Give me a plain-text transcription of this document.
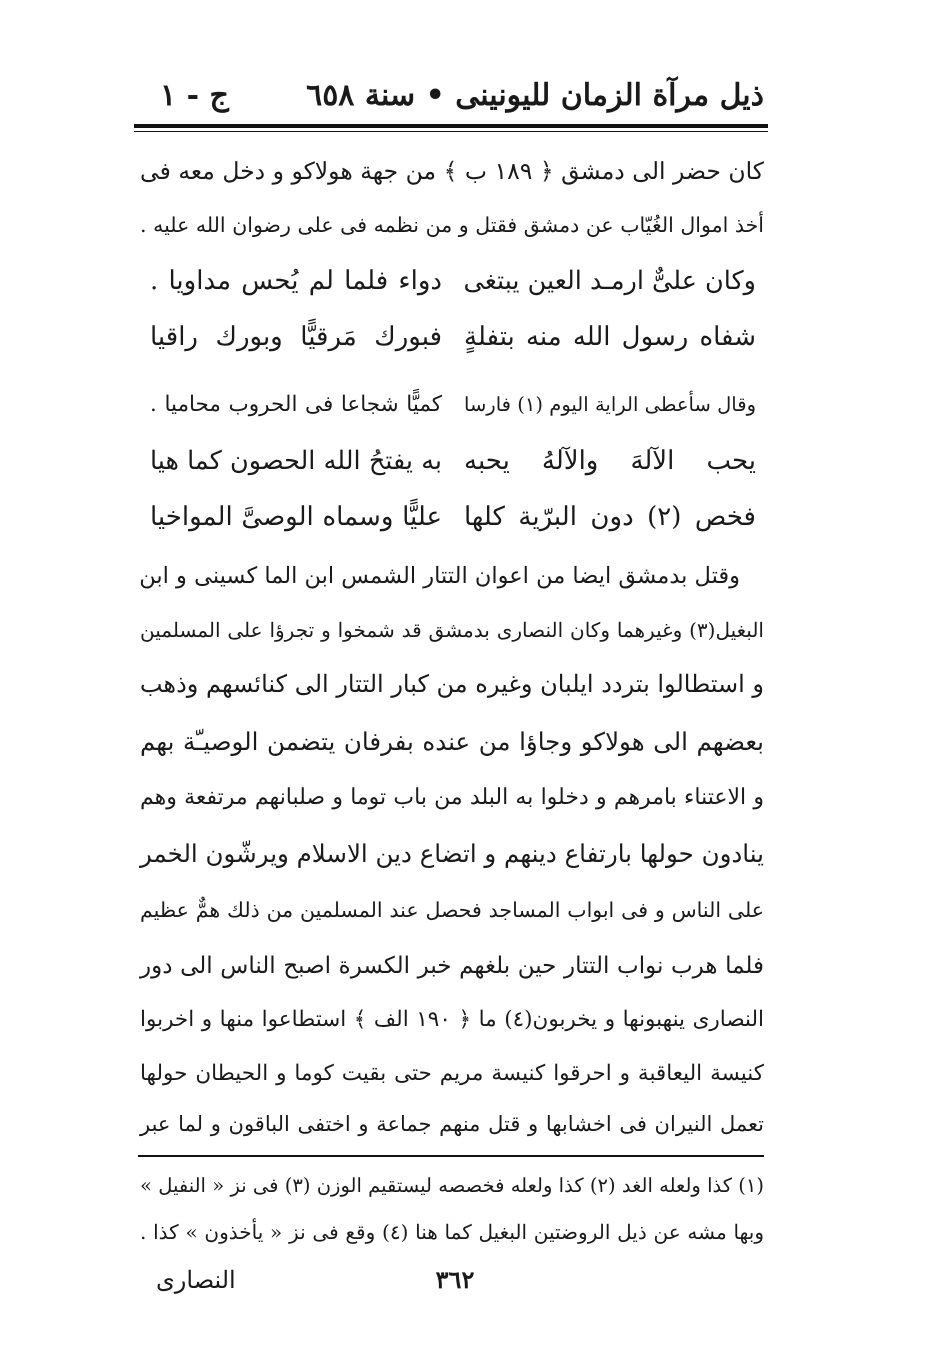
ذيل مرآة الزمان لليونينى • سنة ٦٥٨
ج - ١
كان حضر الى دمشق ﴿ ١٨٩ ب ﴾ من جهة هولاكو و دخل معه فى
أخذ اموال الغُيّاب عن دمشق فقتل و من نظمه فى على رضوان الله عليه .
وكان علىٌّ ارمـد العين يبتغى
دواء فلما لم يُحس مداويا .
شفاه رسول الله منه بتفلةٍ
فبورك مَرقيًّا وبورك راقيا
وقال سأعطى الراية اليوم (١) فارسا
كميًّا شجاعا فى الحروب محاميا .
يحب الآلهَ والآلهُ يحبه
به يفتحُ الله الحصون كما هيا
فخص (٢) دون البرّية كلها
عليًّا وسماه الوصىَّ المواخيا
وقتل بدمشق ايضا من اعوان التتار الشمس ابن الما كسينى و ابن
البغيل(٣) وغيرهما وكان النصارى بدمشق قد شمخوا و تجرؤا على المسلمين
و استطالوا بتردد ايلبان وغيره من كبار التتار الى كنائسهم وذهب
بعضهم الى هولاكو وجاؤا من عنده بفرفان يتضمن الوصيـّة بهم
و الاعتناء بامرهم و دخلوا به البلد من باب توما و صلبانهم مرتفعة وهم
ينادون حولها بارتفاع دينهم و اتضاع دين الاسلام ويرشّون الخمر
على الناس و فى ابواب المساجد فحصل عند المسلمين من ذلك همٌّ عظيم
فلما هرب نواب التتار حين بلغهم خبر الكسرة اصبح الناس الى دور
النصارى ينهبونها و يخربون(٤) ما ﴿ ١٩٠ الف ﴾ استطاعوا منها و اخربوا
كنيسة اليعاقبة و احرقوا كنيسة مريم حتى بقيت كوما و الحيطان حولها
تعمل النيران فى اخشابها و قتل منهم جماعة و اختفى الباقون و لما عبر
(١) كذا ولعله الغد (٢) كذا ولعله فخصصه ليستقيم الوزن (٣) فى نز « النفيل »
وبها مشه عن ذيل الروضتين البغيل كما هنا (٤) وقع فى نز « يأخذون » كذا .
النصارى	٣٦٢
